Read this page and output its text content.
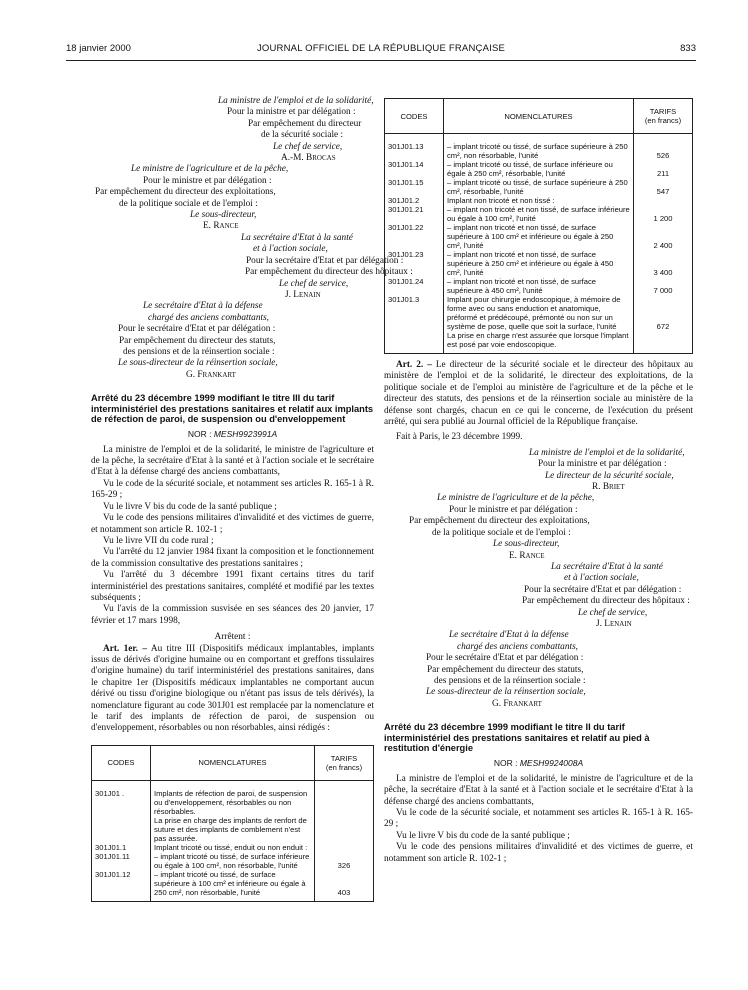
18 janvier 2000	JOURNAL OFFICIEL DE LA RÉPUBLIQUE FRANÇAISE	833
La ministre de l'emploi et de la solidarité,
Pour la ministre et par délégation :
Par empêchement du directeur
de la sécurité sociale :
Le chef de service,
A.-M. Brocas
Le ministre de l'agriculture et de la pêche,
Pour le ministre et par délégation :
Par empêchement du directeur des exploitations,
de la politique sociale et de l'emploi :
Le sous-directeur,
E. Rance
La secrétaire d'Etat à la santé
et à l'action sociale,
Pour la secrétaire d'Etat et par délégation :
Par empêchement du directeur des hôpitaux :
Le chef de service,
J. Lenain
Le secrétaire d'Etat à la défense
chargé des anciens combattants,
Pour le secrétaire d'Etat et par délégation :
Par empêchement du directeur des statuts,
des pensions et de la réinsertion sociale :
Le sous-directeur de la réinsertion sociale,
G. Frankart
Arrêté du 23 décembre 1999 modifiant le titre III du tarif interministériel des prestations sanitaires et relatif aux implants de réfection de paroi, de suspension ou d'enveloppement
NOR : MESH9923991A

La ministre de l'emploi et de la solidarité, le ministre de l'agriculture et de la pêche, la secrétaire d'Etat à la santé et à l'action sociale et le secrétaire d'Etat à la défense chargé des anciens combattants,

Vu le code de la sécurité sociale, et notamment ses articles R. 165-1 à R. 165-29 ;

Vu le livre V bis du code de la santé publique ;

Vu le code des pensions militaires d'invalidité et des victimes de guerre, et notamment son article R. 102-1 ;

Vu le livre VII du code rural ;

Vu l'arrêté du 12 janvier 1984 fixant la composition et le fonctionnement de la commission consultative des prestations sanitaires ;

Vu l'arrêté du 3 décembre 1991 fixant certains titres du tarif interministériel des prestations sanitaires, complété et modifié par les textes subséquents ;

Vu l'avis de la commission susvisée en ses séances des 20 janvier, 17 février et 17 mars 1998,

Arrêtent :

Art. 1er. – Au titre III (Dispositifs médicaux implantables, implants issus de dérivés d'origine humaine ou en comportant et greffons tissulaires d'origine humaine) du tarif interministériel des prestations sanitaires, dans le chapitre 1er (Dispositifs médicaux implantables ne comportant aucun dérivé ou tissu d'origine biologique ou n'étant pas issus de tels dérivés), la nomenclature figurant au code 301J01 est remplacée par la nomenclature et le tarif des implants de réfection de paroi, de suspension ou d'enveloppement, résorbables ou non résorbables, ainsi rédigés :

CODES	NOMENCLATURES	TARIFS
(en francs)
301J01 .	Implants de réfection de paroi, de suspension ou d'enveloppement, résorbables ou non résorbables.	
	La prise en charge des implants de renfort de suture et des implants de comblement n'est pas assurée.	
301J01.1	Implant tricoté ou tissé, enduit ou non enduit :	
301J01.11	– implant tricoté ou tissé, de surface inférieure ou égale à 100 cm², non résorbable, l'unité	326
301J01.12	– implant tricoté ou tissé, de surface supérieure à 100 cm² et inférieure ou égale à 250 cm², non résorbable, l'unité	403
CODES	NOMENCLATURES	TARIFS
(en francs)
301J01.13	– implant tricoté ou tissé, de surface supérieure à 250 cm², non résorbable, l'unité	526
301J01.14	– implant tricoté ou tissé, de surface inférieure ou égale à 250 cm², résorbable, l'unité	211
301J01.15	– implant tricoté ou tissé, de surface supérieure à 250 cm², résorbable, l'unité	547
301J01.2	Implant non tricoté et non tissé :	
301J01.21	– implant non tricoté et non tissé, de surface inférieure ou égale à 100 cm², l'unité	1 200
301J01.22	– implant non tricoté et non tissé, de surface supérieure à 100 cm² et inférieure ou égale à 250 cm², l'unité	2 400
301J01.23	– implant non tricoté et non tissé, de surface supérieure à 250 cm² et inférieure ou égale à 450 cm², l'unité	3 400
301J01.24	– implant non tricoté et non tissé, de surface supérieure à 450 cm², l'unité	7 000
301J01.3	Implant pour chirurgie endoscopique, à mémoire de forme avec ou sans enduction et anatomique, préformé et prédécoupé, prémonté ou non sur un système de pose, quelle que soit la surface, l'unité	672
	La prise en charge n'est assurée que lorsque l'implant est posé par voie endoscopique.	

Art. 2. – Le directeur de la sécurité sociale et le directeur des hôpitaux au ministère de l'emploi et de la solidarité, le directeur des exploitations, de la politique sociale et de l'emploi au ministère de l'agriculture et de la pêche et le directeur des statuts, des pensions et de la réinsertion sociale au ministère de la défense sont chargés, chacun en ce qui le concerne, de l'exécution du présent arrêté, qui sera publié au Journal officiel de la République française.

Fait à Paris, le 23 décembre 1999.

La ministre de l'emploi et de la solidarité,
Pour la ministre et par délégation :
Le directeur de la sécurité sociale,
R. Briet
Le ministre de l'agriculture et de la pêche,
Pour le ministre et par délégation :
Par empêchement du directeur des exploitations,
de la politique sociale et de l'emploi :
Le sous-directeur,
E. Rance
La secrétaire d'Etat à la santé
et à l'action sociale,
Pour la secrétaire d'Etat et par délégation :
Par empêchement du directeur des hôpitaux :
Le chef de service,
J. Lenain
Le secrétaire d'Etat à la défense
chargé des anciens combattants,
Pour le secrétaire d'Etat et par délégation :
Par empêchement du directeur des statuts,
des pensions et de la réinsertion sociale :
Le sous-directeur de la réinsertion sociale,
G. Frankart
Arrêté du 23 décembre 1999 modifiant le titre II du tarif interministériel des prestations sanitaires et relatif au pied à restitution d'énergie
NOR : MESH9924008A

La ministre de l'emploi et de la solidarité, le ministre de l'agriculture et de la pêche, la secrétaire d'Etat à la santé et à l'action sociale et le secrétaire d'Etat à la défense chargé des anciens combattants,

Vu le code de la sécurité sociale, et notamment ses articles R. 165-1 à R. 165-29 ;

Vu le livre V bis du code de la santé publique ;

Vu le code des pensions militaires d'invalidité et des victimes de guerre, et notamment son article R. 102-1 ;
